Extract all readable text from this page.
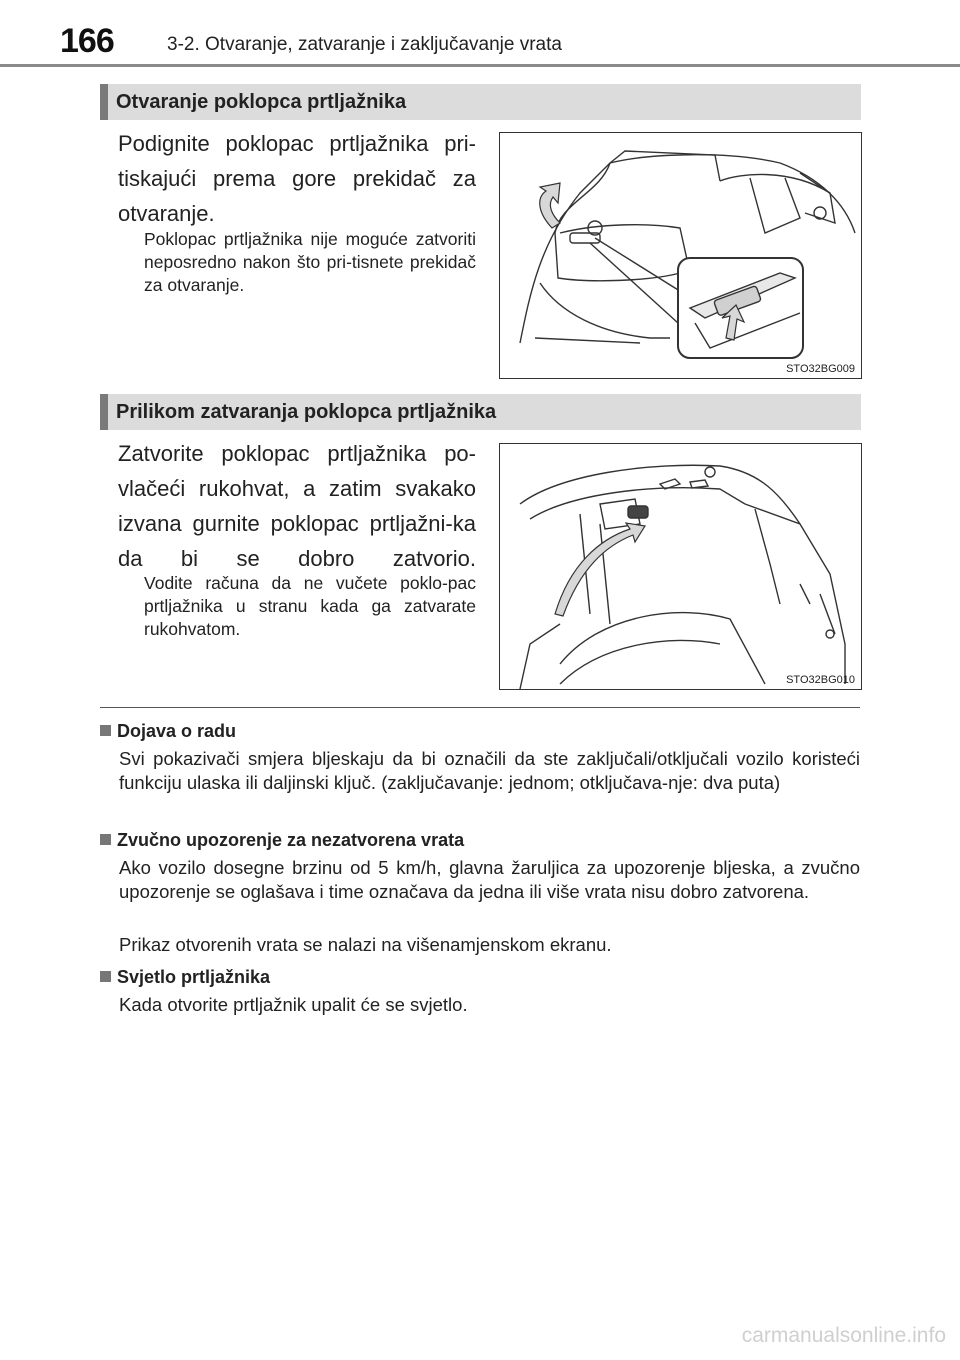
166	3-2. Otvaranje, zatvaranje i zaključavanje vrata
Otvaranje poklopca prtljažnika
Podignite poklopac prtljažnika pri-tiskajući prema gore prekidač za otvaranje.
Poklopac prtljažnika nije moguće zatvoriti neposredno nakon što pri-tisnete prekidač za otvaranje.
STO32BG009
Prilikom zatvaranja poklopca prtljažnika
Zatvorite poklopac prtljažnika po-vlačeći rukohvat, a zatim svakako izvana gurnite poklopac prtljažni-ka da bi se dobro zatvorio.
Vodite računa da ne vučete poklo-pac prtljažnika u stranu kada ga zatvarate rukohvatom.
STO32BG010
Dojava o radu
Svi pokazivači smjera bljeskaju da bi označili da ste zaključali/otključali vozilo koristeći funkciju ulaska ili daljinski ključ. (zaključavanje: jednom; otključava-nje: dva puta)
Zvučno upozorenje za nezatvorena vrata
Ako vozilo dosegne brzinu od 5 km/h, glavna žaruljica za upozorenje bljeska, a zvučno upozorenje se oglašava i time označava da jedna ili više vrata nisu dobro zatvorena.
Prikaz otvorenih vrata se nalazi na višenamjenskom ekranu.
Svjetlo prtljažnika
Kada otvorite prtljažnik upalit će se svjetlo.
carmanualsonline.info
